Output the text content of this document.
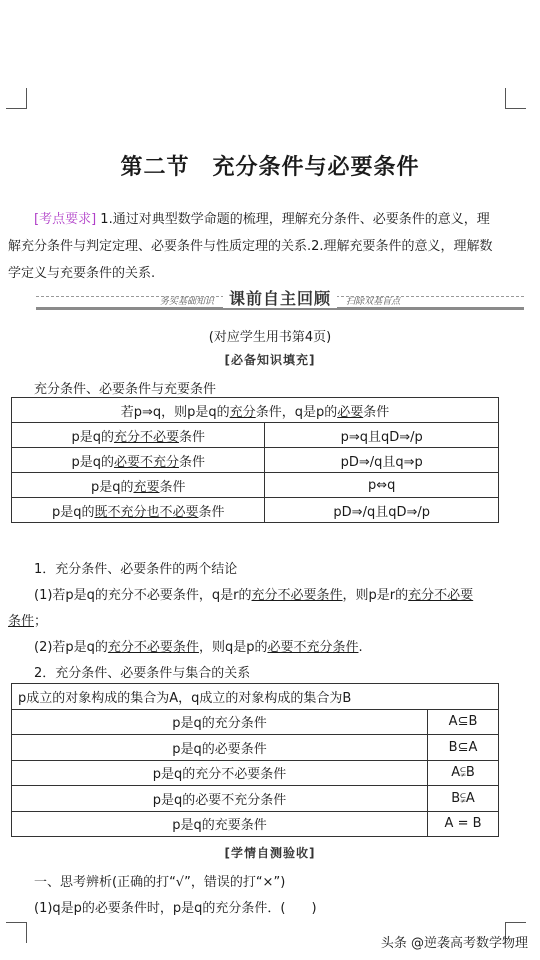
第二节　充分条件与必要条件
[考点要求] 1.通过对典型数学命题的梳理，理解充分条件、必要条件的意义，理解充分条件与判定定理、必要条件与性质定理的关系.2.理解充要条件的意义，理解数学定义与充要条件的关系.
务实基础知识 课前自主回顾 扫除双基盲点
(对应学生用书第4页)
[必备知识填充]
充分条件、必要条件与充要条件
若p⇒q，则p是q的充分条件，q是p的必要条件	
p是q的充分不必要条件	p⇒q且qD⇒/p
p是q的必要不充分条件	pD⇒/q且q⇒p
p是q的充要条件	p⇔q
p是q的既不充分也不必要条件	pD⇒/q且qD⇒/p
1．充分条件、必要条件的两个结论
(1)若p是q的充分不必要条件，q是r的充分不必要条件，则p是r的充分不必要
条件；
(2)若p是q的充分不必要条件，则q是p的必要不充分条件.
2．充分条件、必要条件与集合的关系
p成立的对象构成的集合为A，q成立的对象构成的集合为B	
p是q的充分条件	A⊆B
p是q的必要条件	B⊆A
p是q的充分不必要条件	A⫋B
p是q的必要不充分条件	B⫋A
p是q的充要条件	A = B
[学情自测验收]
一、思考辨析(正确的打“√”，错误的打“×”)
(1)q是p的必要条件时，p是q的充分条件．(　　)
头条 @逆袭高考数学物理
